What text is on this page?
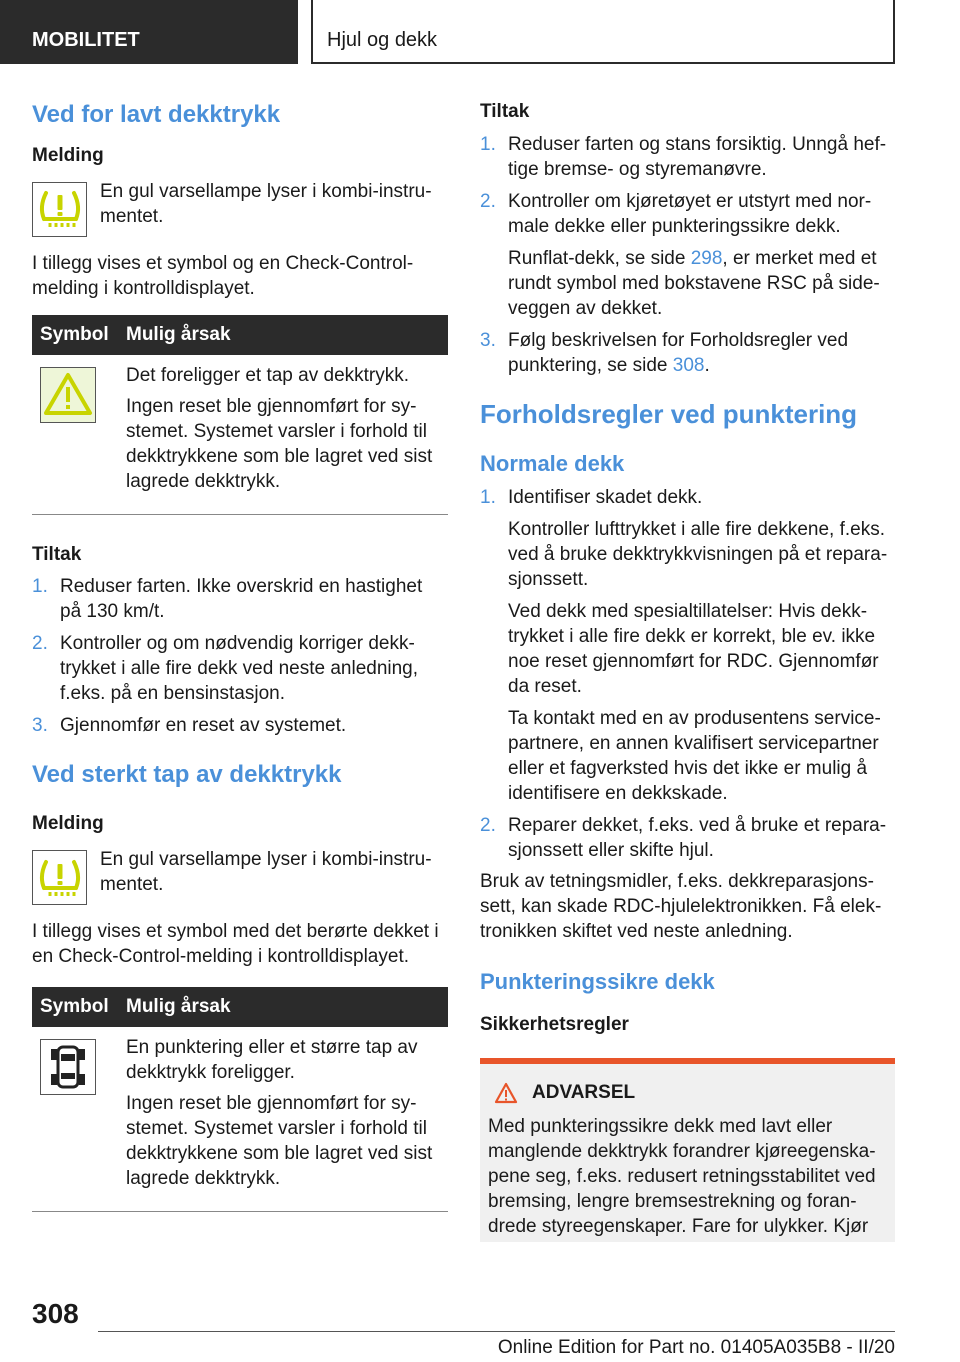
MOBILITET	Hjul og dekk
Ved for lavt dekktrykk
Melding
En gul varsellampe lyser i kombi-instru-mentet.

I tillegg vises et symbol og en Check-Control-melding i kontrolldisplayet.

Symbol	Mulig årsak

Det foreligger et tap av dekktrykk.

Ingen reset ble gjennomført for sy-stemet. Systemet varsler i forhold til dekktrykkene som ble lagret ved sist lagrede dekktrykk.

Tiltak
1. Reduser farten. Ikke overskrid en hastighet på 130 km/t.
2. Kontroller og om nødvendig korriger dekk-trykket i alle fire dekk ved neste anledning, f.eks. på en bensinstasjon.
3. Gjennomfør en reset av systemet.
Ved sterkt tap av dekktrykk
Melding
En gul varsellampe lyser i kombi-instru-mentet.

I tillegg vises et symbol med det berørte dekket i en Check-Control-melding i kontrolldisplayet.

Symbol	Mulig årsak

En punktering eller et større tap av dekktrykk foreligger.

Ingen reset ble gjennomført for sy-stemet. Systemet varsler i forhold til dekktrykkene som ble lagret ved sist lagrede dekktrykk.

Tiltak
1. Reduser farten og stans forsiktig. Unngå hef-tige bremse- og styremanøvre.
2. Kontroller om kjøretøyet er utstyrt med nor-male dekke eller punkteringssikre dekk.
Runflat-dekk, se side 298, er merket med et rundt symbol med bokstavene RSC på side-veggen av dekket.
3. Følg beskrivelsen for Forholdsregler ved punktering, se side 308.
Forholdsregler ved punktering
Normale dekk
1. Identifiser skadet dekk.
Kontroller lufttrykket i alle fire dekkene, f.eks. ved å bruke dekktrykkvisningen på et repara-sjonssett.
Ved dekk med spesialtillatelser: Hvis dekk-trykket i alle fire dekk er korrekt, ble ev. ikke noe reset gjennomført for RDC. Gjennomfør da reset.
Ta kontakt med en av produsentens service-partnere, en annen kvalifisert servicepartner eller et fagverksted hvis det ikke er mulig å identifisere en dekkskade.
2. Reparer dekket, f.eks. ved å bruke et repara-sjonssett eller skifte hjul.

Bruk av tetningsmidler, f.eks. dekkreparasjons-sett, kan skade RDC-hjulelektronikken. Få elek-tronikken skiftet ved neste anledning.

Punkteringssikre dekk
Sikkerhetsregler
ADVARSEL

Med punkteringssikre dekk med lavt eller manglende dekktrykk forandrer kjøreegenska-pene seg, f.eks. redusert retningsstabilitet ved bremsing, lengre bremsestrekning og foran-drede styreegenskaper. Fare for ulykker. Kjør

308
Online Edition for Part no. 01405A035B8 - II/20
